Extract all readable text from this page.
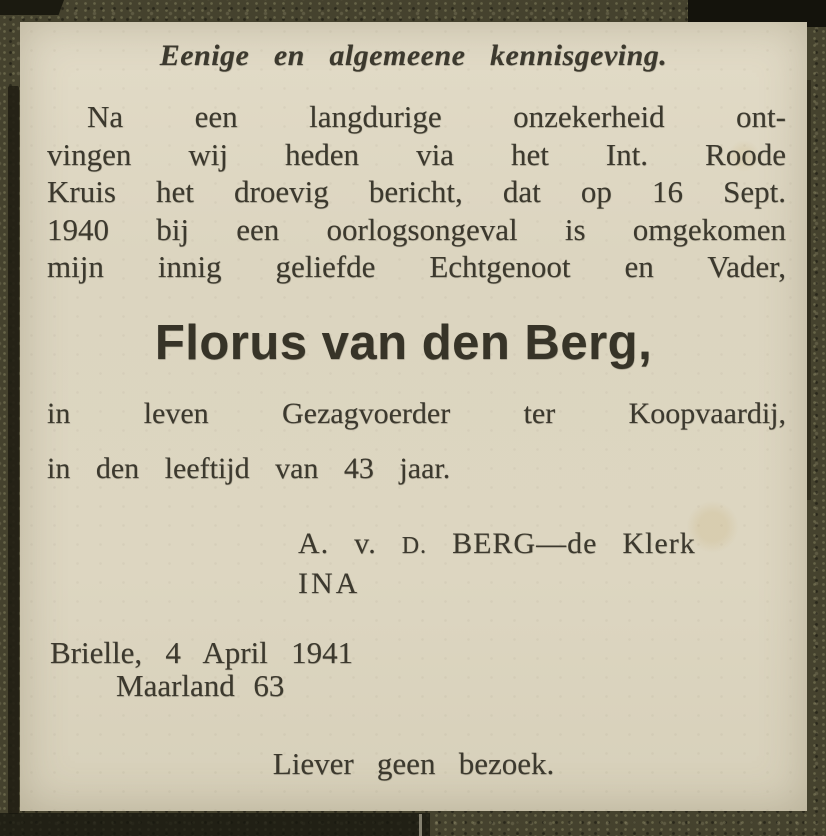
Eenige en algemeene kennisgeving.
Na een langdurige onzekerheid ont-
vingen wij heden via het Int. Roode
Kruis het droevig bericht, dat op 16 Sept.
1940 bij een oorlogsongeval is omgekomen
mijn innig geliefde Echtgenoot en Vader,
Florus van den Berg,
in leven Gezagvoerder ter Koopvaardij,
in den leeftijd van 43 jaar.
A. v. D. BERG—de Klerk
INA
Brielle, 4 April 1941
Maarland 63
Liever geen bezoek.
